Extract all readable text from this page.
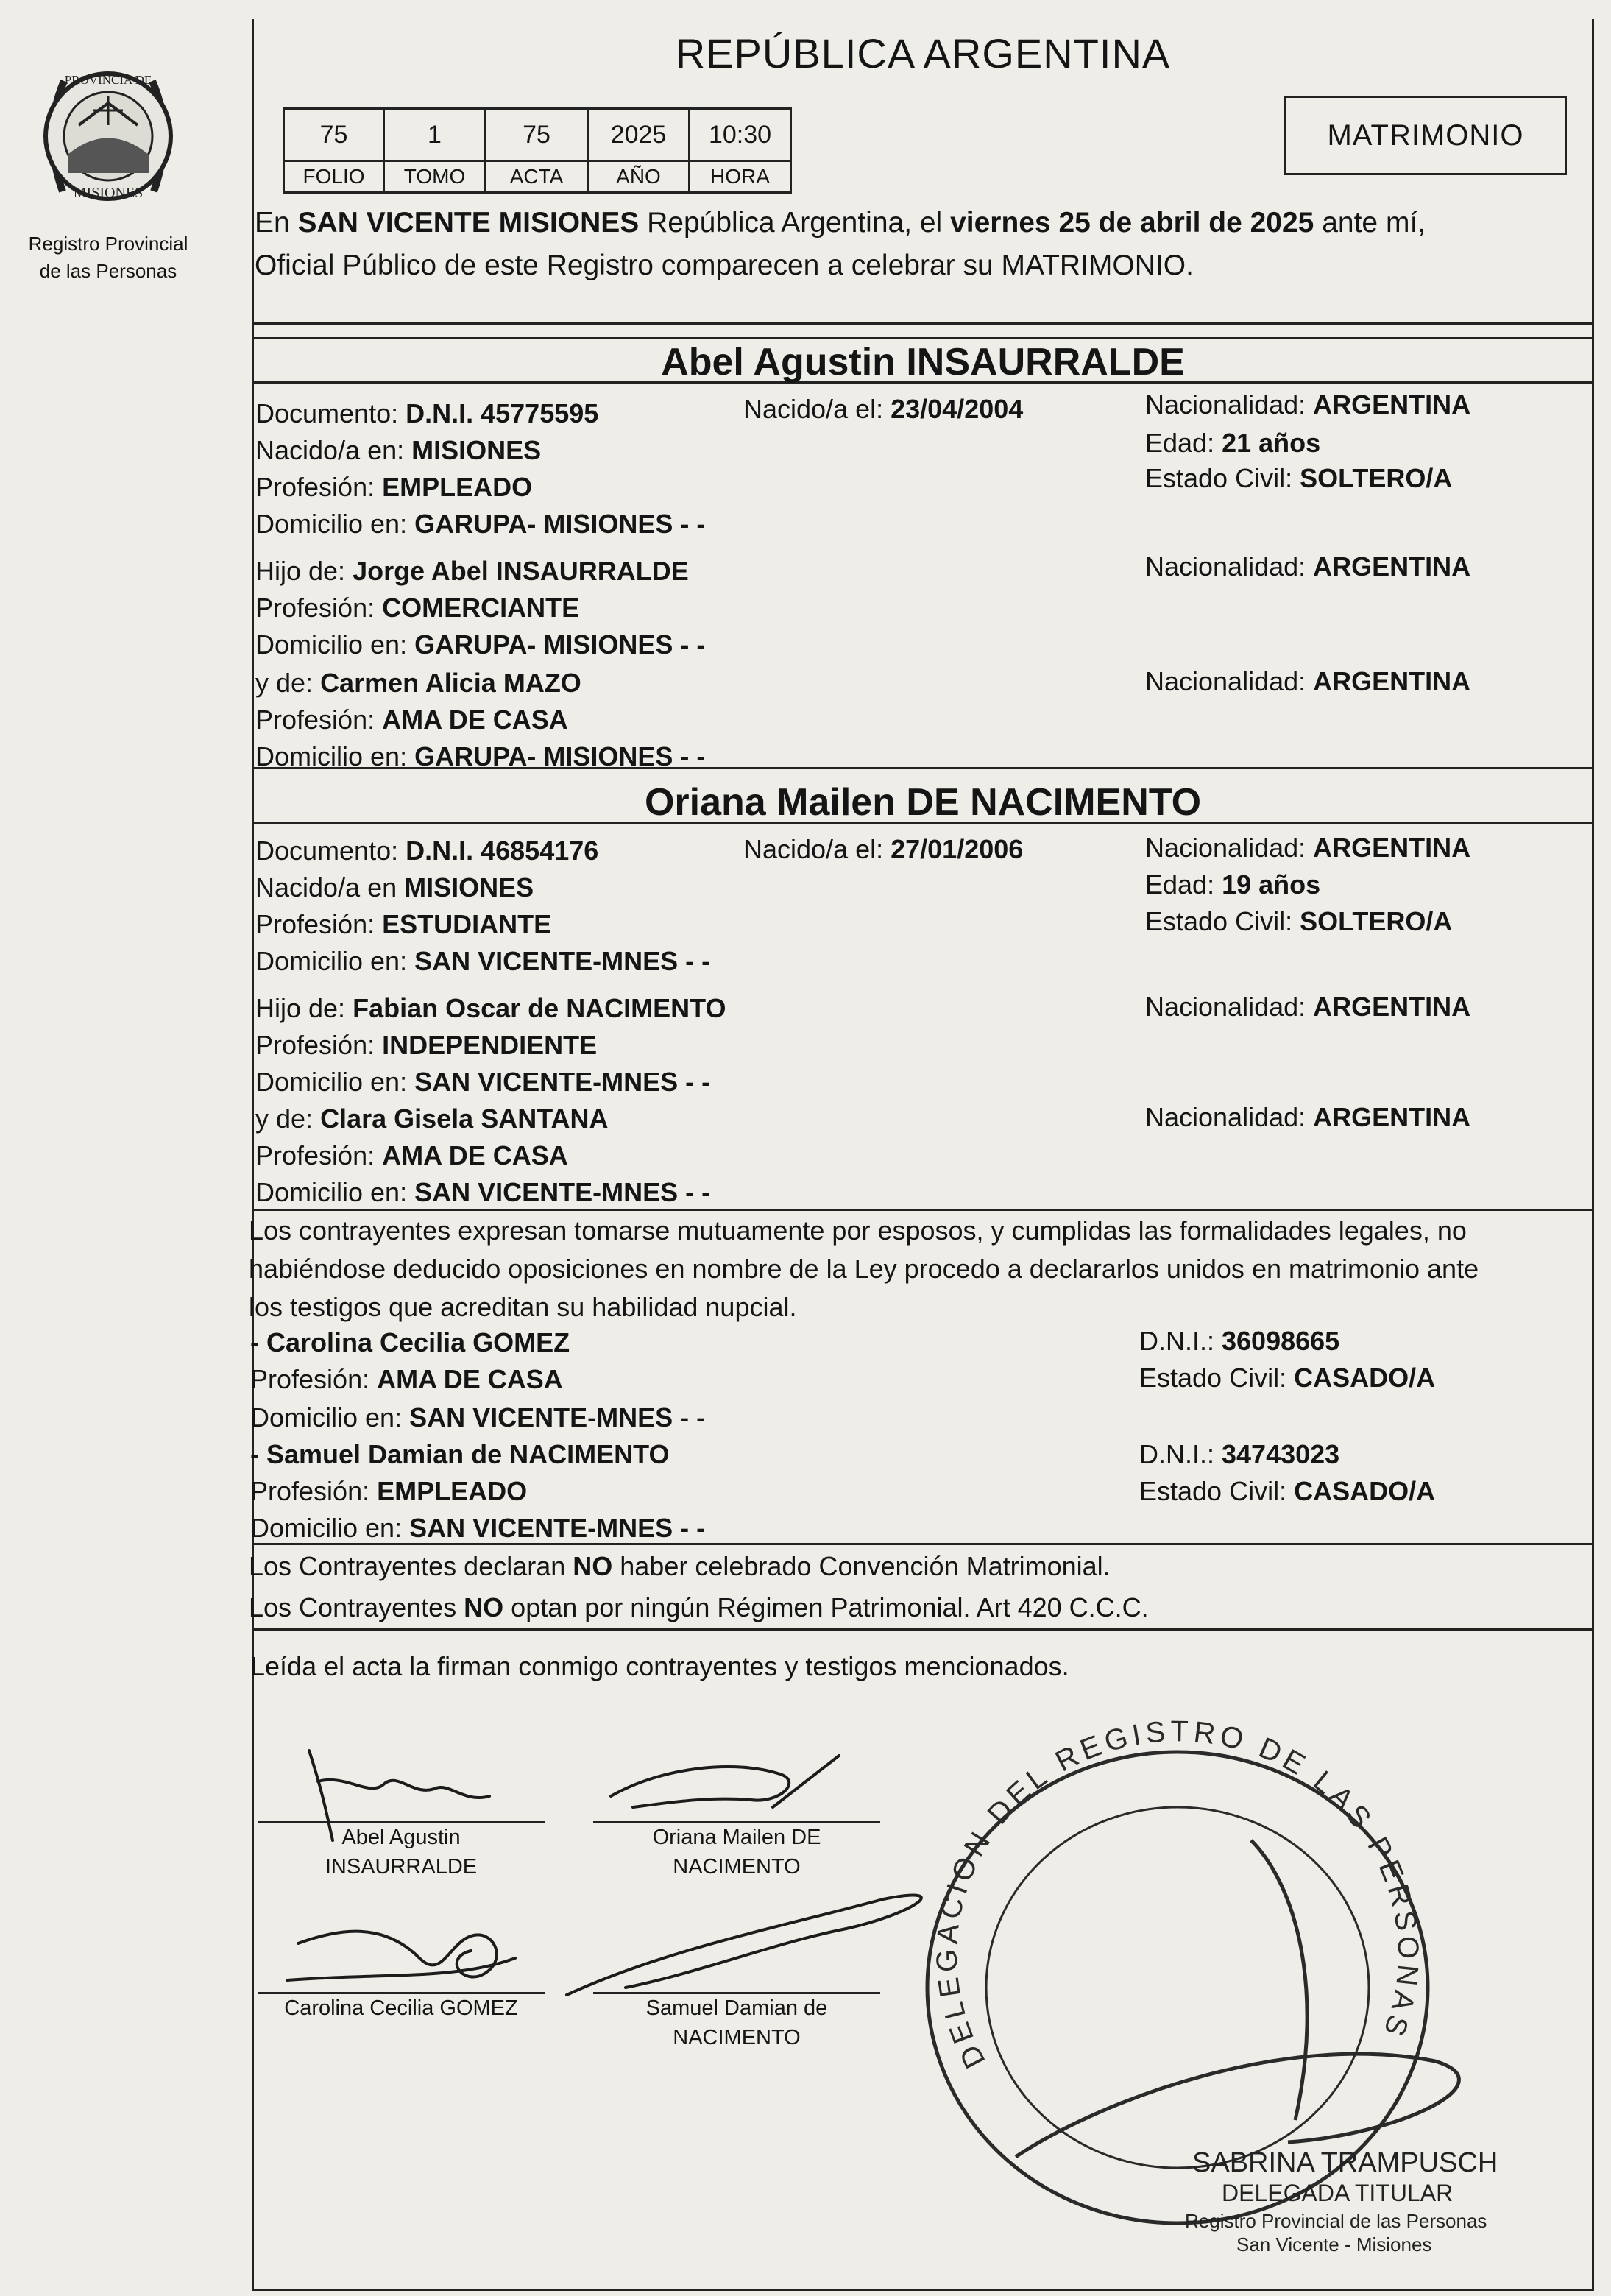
PROVINCIA DE
MISIONES
Registro Provincial
de las Personas
REPÚBLICA ARGENTINA
75	1	75	2025	10:30
FOLIO	TOMO	ACTA	AÑO	HORA
MATRIMONIO
En SAN VICENTE MISIONES República Argentina, el viernes 25 de abril de 2025 ante mí,
Oficial Público de este Registro comparecen a celebrar su MATRIMONIO.
Abel Agustin INSAURRALDE
Documento: D.N.I. 45775595	Nacido/a el: 23/04/2004	Nacionalidad: ARGENTINA
Nacido/a en: MISIONES	Edad: 21 años
Profesión: EMPLEADO	Estado Civil: SOLTERO/A
Domicilio en: GARUPA- MISIONES - -
Hijo de: Jorge Abel INSAURRALDE	Nacionalidad: ARGENTINA
Profesión: COMERCIANTE
Domicilio en: GARUPA- MISIONES - -
y de: Carmen Alicia MAZO	Nacionalidad: ARGENTINA
Profesión: AMA DE CASA
Domicilio en: GARUPA- MISIONES - -
Oriana Mailen DE NACIMENTO
Documento: D.N.I. 46854176	Nacido/a el: 27/01/2006	Nacionalidad: ARGENTINA
Nacido/a en MISIONES	Edad: 19 años
Profesión: ESTUDIANTE	Estado Civil: SOLTERO/A
Domicilio en: SAN VICENTE-MNES - -
Hijo de: Fabian Oscar de NACIMENTO	Nacionalidad: ARGENTINA
Profesión: INDEPENDIENTE
Domicilio en: SAN VICENTE-MNES - -
y de: Clara Gisela SANTANA	Nacionalidad: ARGENTINA
Profesión: AMA DE CASA
Domicilio en: SAN VICENTE-MNES - -
Los contrayentes expresan tomarse mutuamente por esposos, y cumplidas las formalidades legales, no
habiéndose deducido oposiciones en nombre de la Ley procedo a declararlos unidos en matrimonio ante
los testigos que acreditan su habilidad nupcial.
- Carolina Cecilia GOMEZ	D.N.I.: 36098665
Profesión: AMA DE CASA	Estado Civil: CASADO/A
Domicilio en: SAN VICENTE-MNES - -
- Samuel Damian de NACIMENTO	D.N.I.: 34743023
Profesión: EMPLEADO	Estado Civil: CASADO/A
Domicilio en: SAN VICENTE-MNES - -
Los Contrayentes declaran NO haber celebrado Convención Matrimonial.
Los Contrayentes NO optan por ningún Régimen Patrimonial. Art 420 C.C.C.
Leída el acta la firman conmigo contrayentes y testigos mencionados.
Abel Agustin
INSAURRALDE
Oriana Mailen DE
NACIMENTO
Carolina Cecilia GOMEZ	Samuel Damian de
NACIMENTO	DELEGACION DEL REGISTRO DE LAS PERSONAS
SABRINA TRAMPUSCH
DELEGADA TITULAR
Registro Provincial de las Personas
San Vicente - Misiones
